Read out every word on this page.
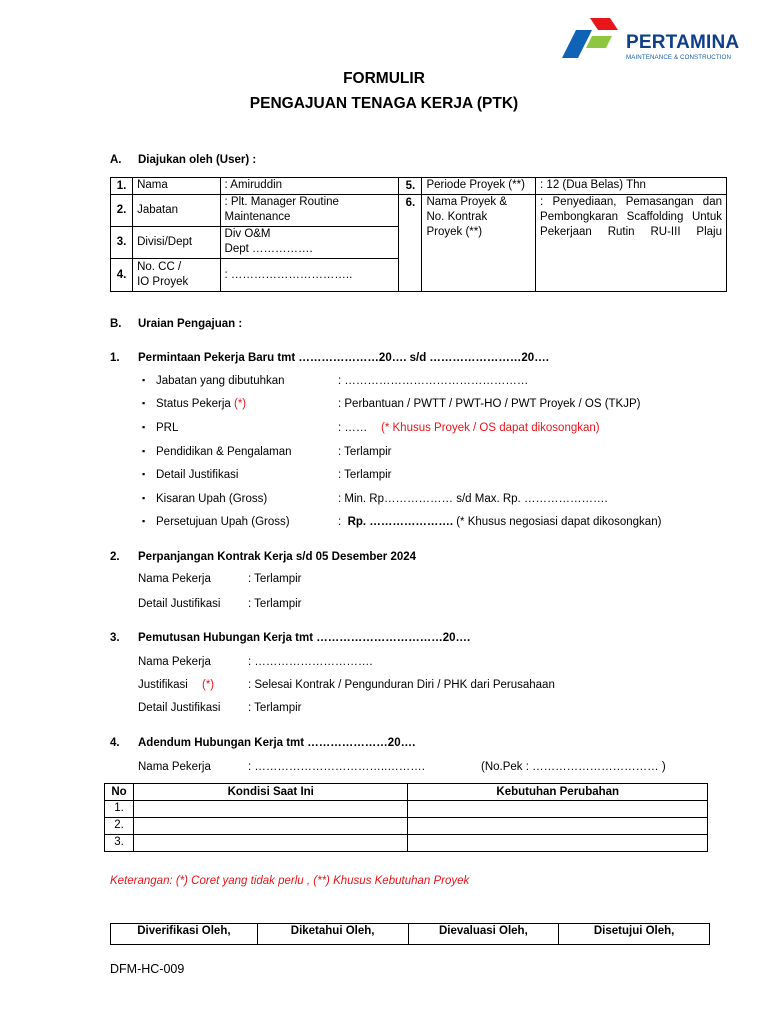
PERTAMINA
MAINTENANCE & CONSTRUCTION
FORMULIR
PENGAJUAN TENAGA KERJA (PTK)
A. Diajukan oleh (User) :
1.	Nama	: Amiruddin	5.	Periode Proyek (**)	: 12 (Dua Belas) Thn
2.	Jabatan	: Plt. Manager Routine Maintenance	6.	Nama Proyek &
No. Kontrak
Proyek (**)	: Penyediaan, Pemasangan dan
Pembongkaran Scaffolding Untuk
Pekerjaan Rutin RU-III Plaju
3.	Divisi/Dept	Div O&M
Dept …………….			
4.	No. CC /
IO Proyek	: …………………………..			
B. Uraian Pengajuan :
1. Permintaan Pekerja Baru tmt …………………20…. s/d ……………………20….
▪ Jabatan yang dibutuhkan	: …………………………………………
▪ Status Pekerja (*)	: Perbantuan / PWTT / PWT-HO / PWT Proyek / OS (TKJP)
▪ PRL	: …… (* Khusus Proyek / OS dapat dikosongkan)
▪ Pendidikan & Pengalaman	: Terlampir
▪ Detail Justifikasi	: Terlampir
▪ Kisaran Upah (Gross)	: Min. Rp……………… s/d Max. Rp. ………………….
▪ Persetujuan Upah (Gross)	: Rp. …………………. (* Khusus negosiasi dapat dikosongkan)
2. Perpanjangan Kontrak Kerja s/d 05 Desember 2024
Nama Pekerja	: Terlampir
Detail Justifikasi : Terlampir
3. Pemutusan Hubungan Kerja tmt ……………………………20….
Nama Pekerja	: ………………………….
Justifikasi (*)	: Selesai Kontrak / Pengunduran Diri / PHK dari Perusahaan
Detail Justifikasi : Terlampir
4. Adendum Hubungan Kerja tmt …………………20….
Nama Pekerja	: ……………………………..……….	(No.Pek : …………………………… )
No	Kondisi Saat Ini	Kebutuhan Perubahan
1.		
2.		
3.		
Keterangan: (*) Coret yang tidak perlu , (**) Khusus Kebutuhan Proyek
Diverifikasi Oleh,	Diketahui Oleh,	Dievaluasi Oleh,	Disetujui Oleh,
DFM-HC-009
